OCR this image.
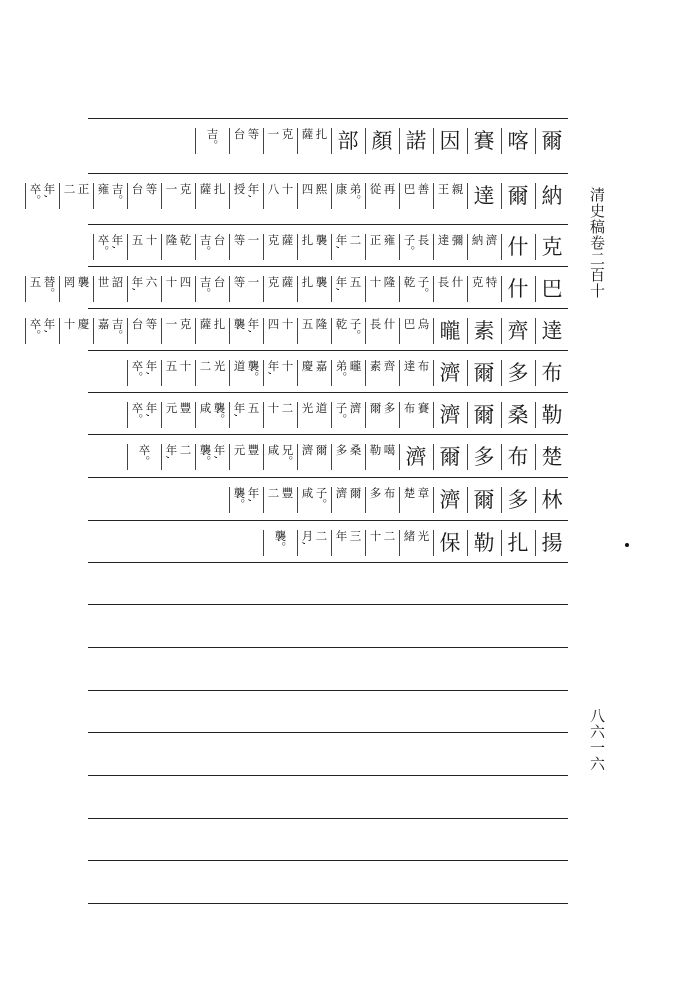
清史稿卷二百十
八六一六
爾
喀
賽
因
諾
顏
部
扎
薩
克
一
等
台
吉。
納
爾
達
親
王
善
巴
再
從
弟。
康
熙
四
十
八
年,
授
扎
薩
克
一
等
台
吉。
雍
正
二
年,
卒。
克
什
濟
納
彌
達
長
子。
雍
正
二
年,
襲
扎
薩
克
一
等
台
吉。
乾
隆
十
五
年,
卒。
巴
什
特
克
什
長
子。
乾
隆
十
五
年,
襲
扎
薩
克
一
等
台
吉。
四
十
六
年,
詔
世
襲
罔
替。
五
達
齊
素
曨
烏
巴
什
長
子。
乾
隆
五
十
四
年,
襲
扎
薩
克
一
等
台
吉。
嘉
慶
十
年,
卒。
布
多
爾
濟
布
達
齊
素
曨
弟。
嘉
慶
十
年,
襲。
道
光
二
十
五
年,
卒。
勒
桑
爾
濟
賽
布
多
爾
濟
子。
道
光
二
十
五
年,
襲。
咸
豐
元
年,
卒。
楚
布
多
爾
濟
噶
勒
桑
多
爾
濟
兄。
咸
豐
元
年,
襲。
二
年,
卒。
林
多
爾
濟
章
楚
布
多
爾
濟
子。
咸
豐
二
年,
襲。
揚
扎
勒
保
光
緒
二
十
三
年
二
月,
襲。
